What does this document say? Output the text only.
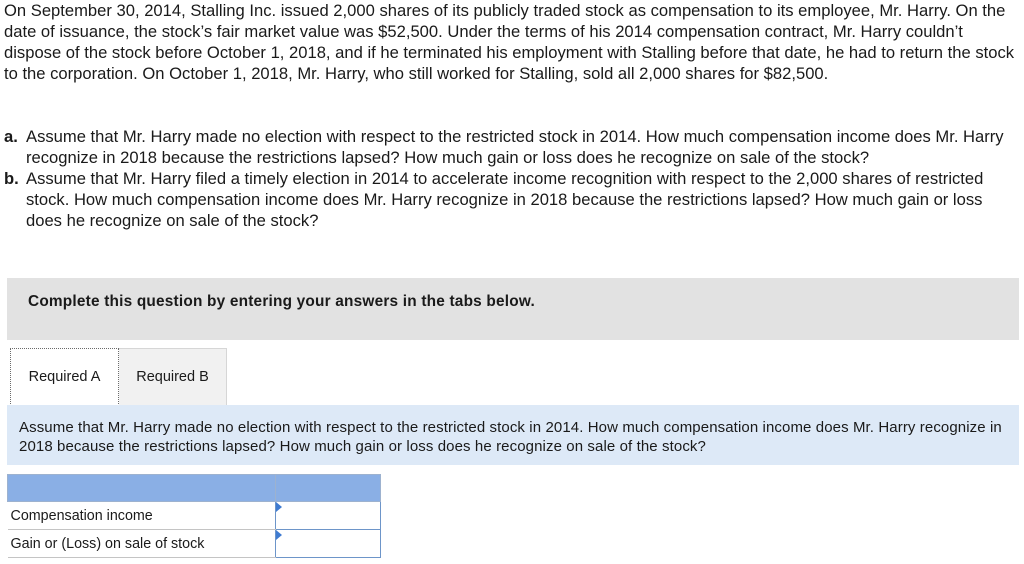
On September 30, 2014, Stalling Inc. issued 2,000 shares of its publicly traded stock as compensation to its employee, Mr. Harry. On the date of issuance, the stock’s fair market value was $52,500. Under the terms of his 2014 compensation contract, Mr. Harry couldn’t dispose of the stock before October 1, 2018, and if he terminated his employment with Stalling before that date, he had to return the stock to the corporation. On October 1, 2018, Mr. Harry, who still worked for Stalling, sold all 2,000 shares for $82,500.

a. Assume that Mr. Harry made no election with respect to the restricted stock in 2014. How much compensation income does Mr. Harry recognize in 2018 because the restrictions lapsed? How much gain or loss does he recognize on sale of the stock?
b. Assume that Mr. Harry filed a timely election in 2014 to accelerate income recognition with respect to the 2,000 shares of restricted stock. How much compensation income does Mr. Harry recognize in 2018 because the restrictions lapsed? How much gain or loss does he recognize on sale of the stock?
Complete this question by entering your answers in the tabs below.
Required A Required B
Assume that Mr. Harry made no election with respect to the restricted stock in 2014. How much compensation income does Mr. Harry recognize in 2018 because the restrictions lapsed? How much gain or loss does he recognize on sale of the stock?

Compensation income	

Gain or (Loss) on sale of stock	
